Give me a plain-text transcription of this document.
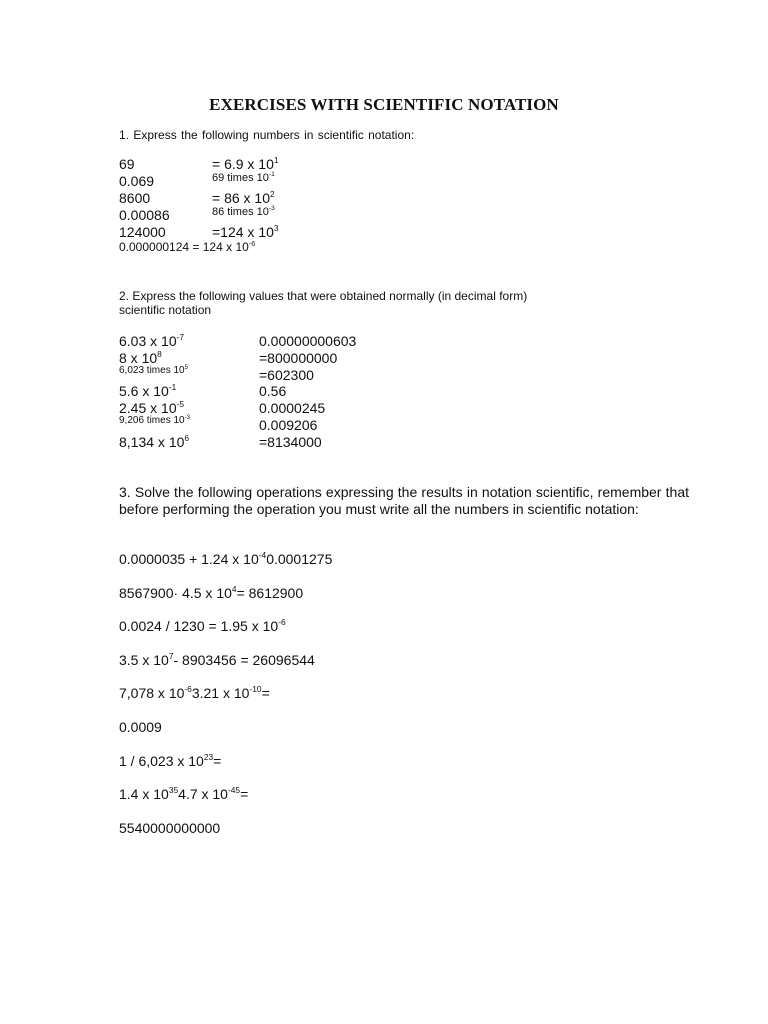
EXERCISES WITH SCIENTIFIC NOTATION
1. Express the following numbers in scientific notation:
69	= 6.9 x $10^1$
0.069	69 times $10^{-1}$
8600	= 86 x $10^2$
0.00086	86 times $10^{-3}$
124000	=124 x $10^3$
0.000000124 = 124 x $10^{-6}$
2. Express the following values that were obtained normally (in decimal form)
scientific notation
6.03 x $10^{-7}$	0.00000000603
8 x $10^8$	=800000000
6,023 times $10^5$	=602300
5.6 x $10^{-1}$	0.56
2.45 x $10^{-5}$	0.0000245
9,206 times $10^{-3}$	0.009206
8,134 x $10^6$	=8134000
3. Solve the following operations expressing the results in notation scientific, remember that before performing the operation you must write all the numbers in scientific notation:
0.0000035 + 1.24 x $10^{-4}0.0001275$
8567900· 4.5 x $10^4= 8612900$
0.0024 / 1230 = 1.95 x $10^{-6}$
3.5 x $10^7-$ 8903456 = 26096544
7,078 x $10^{-6}3.21$ x $10^{-10}=$
0.0009
1 / 6,023 x $10^{23}=$
1.4 x $10^{35}4.7$ x $10^{-45}=$
5540000000000
